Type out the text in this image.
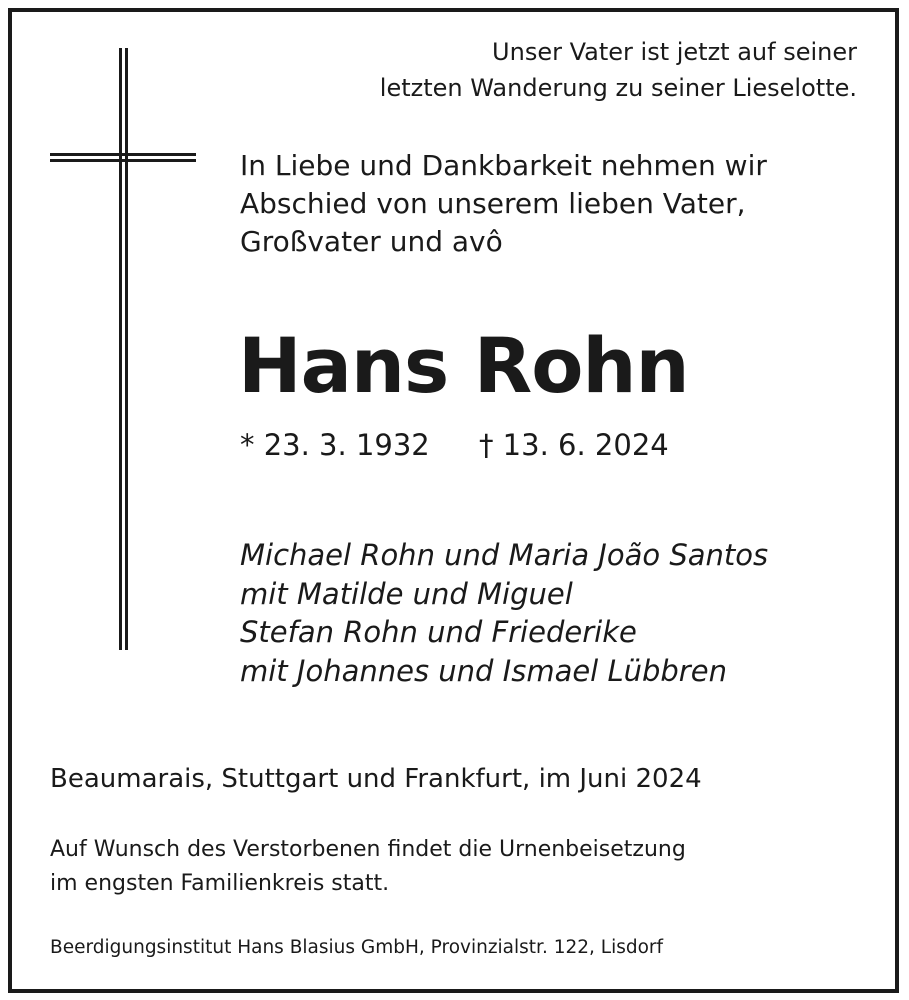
Unser Vater ist jetzt auf seiner
letzten Wanderung zu seiner Lieselotte.
In Liebe und Dankbarkeit nehmen wir
Abschied von unserem lieben Vater,
Großvater und avô
Hans Rohn
* 23. 3. 1932 † 13. 6. 2024
Michael Rohn und Maria João Santos
mit Matilde und Miguel
Stefan Rohn und Friederike
mit Johannes und Ismael Lübbren
Beaumarais, Stuttgart und Frankfurt, im Juni 2024
Auf Wunsch des Verstorbenen findet die Urnenbeisetzung
im engsten Familienkreis statt.
Beerdigungsinstitut Hans Blasius GmbH, Provinzialstr. 122, Lisdorf
